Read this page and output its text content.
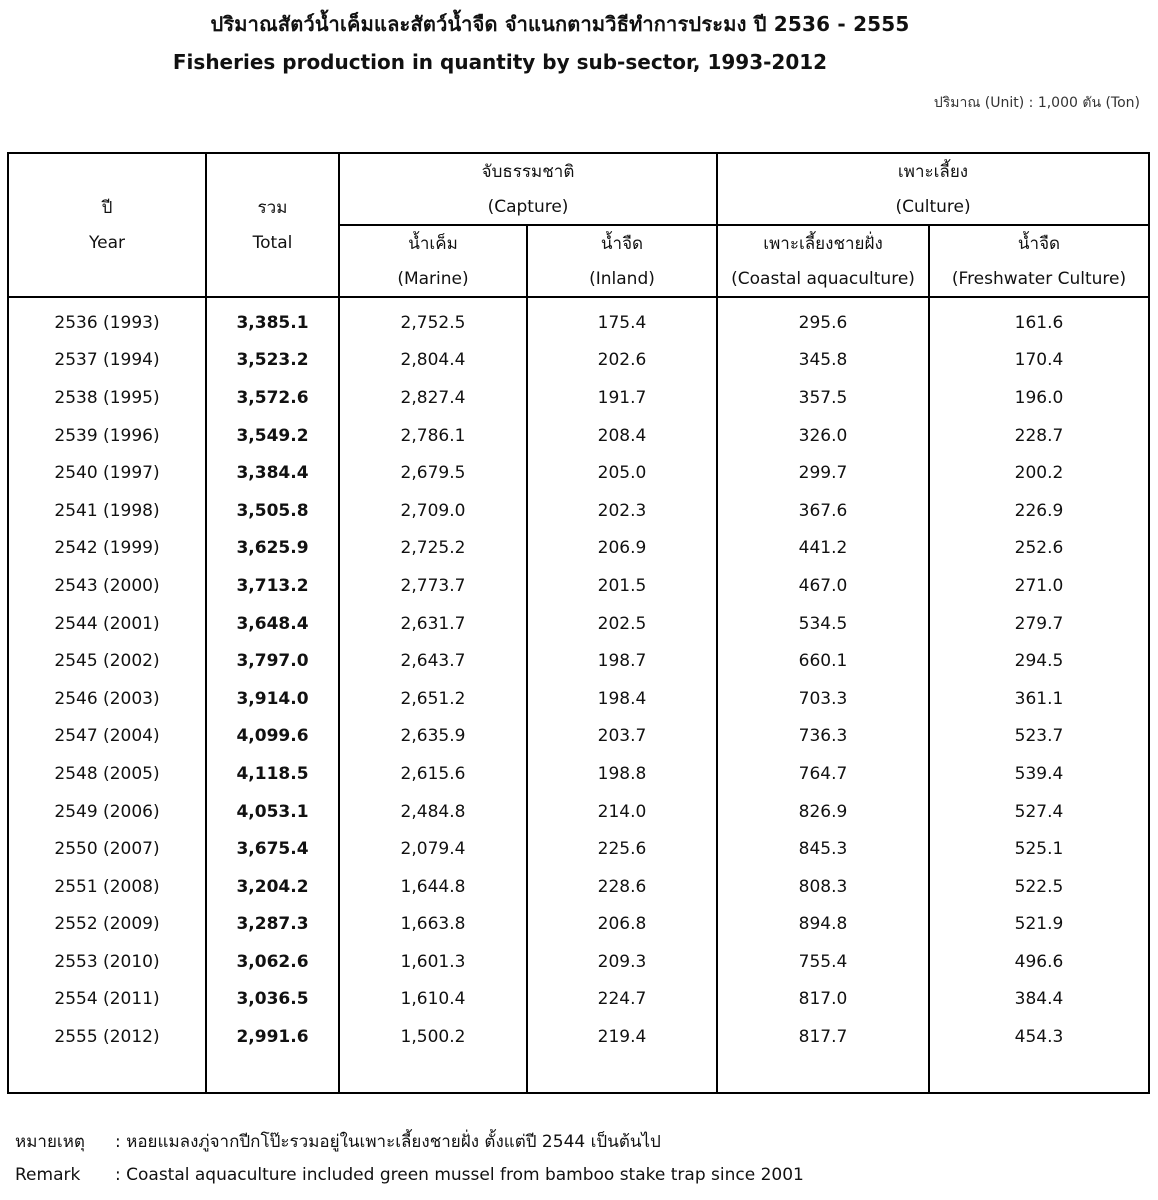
ปริมาณสัตว์น้ำเค็มและสัตว์น้ำจืด จำแนกตามวิธีทำการประมง ปี 2536 - 2555
Fisheries production in quantity by sub-sector, 1993-2012
ปริมาณ (Unit) : 1,000 ตัน (Ton)
		จับธรรมชาติ		เพาะเลี้ยง	
ปี	รวม	(Capture)		(Culture)	
Year	Total	น้ำเค็ม	น้ำจืด	เพาะเลี้ยงชายฝั่ง	น้ำจืด
		(Marine)	(Inland)	(Coastal aquaculture)	(Freshwater Culture)
2536 (1993)	3,385.1	2,752.5	175.4	295.6	161.6
2537 (1994)	3,523.2	2,804.4	202.6	345.8	170.4
2538 (1995)	3,572.6	2,827.4	191.7	357.5	196.0
2539 (1996)	3,549.2	2,786.1	208.4	326.0	228.7
2540 (1997)	3,384.4	2,679.5	205.0	299.7	200.2
2541 (1998)	3,505.8	2,709.0	202.3	367.6	226.9
2542 (1999)	3,625.9	2,725.2	206.9	441.2	252.6
2543 (2000)	3,713.2	2,773.7	201.5	467.0	271.0
2544 (2001)	3,648.4	2,631.7	202.5	534.5	279.7
2545 (2002)	3,797.0	2,643.7	198.7	660.1	294.5
2546 (2003)	3,914.0	2,651.2	198.4	703.3	361.1
2547 (2004)	4,099.6	2,635.9	203.7	736.3	523.7
2548 (2005)	4,118.5	2,615.6	198.8	764.7	539.4
2549 (2006)	4,053.1	2,484.8	214.0	826.9	527.4
2550 (2007)	3,675.4	2,079.4	225.6	845.3	525.1
2551 (2008)	3,204.2	1,644.8	228.6	808.3	522.5
2552 (2009)	3,287.3	1,663.8	206.8	894.8	521.9
2553 (2010)	3,062.6	1,601.3	209.3	755.4	496.6
2554 (2011)	3,036.5	1,610.4	224.7	817.0	384.4
2555 (2012)	2,991.6	1,500.2	219.4	817.7	454.3

หมายเหตุ : หอยแมลงภู่จากปีกโป๊ะรวมอยู่ในเพาะเลี้ยงชายฝั่ง ตั้งแต่ปี 2544 เป็นต้นไป
Remark : Coastal aquaculture included green mussel from bamboo stake trap since 2001
